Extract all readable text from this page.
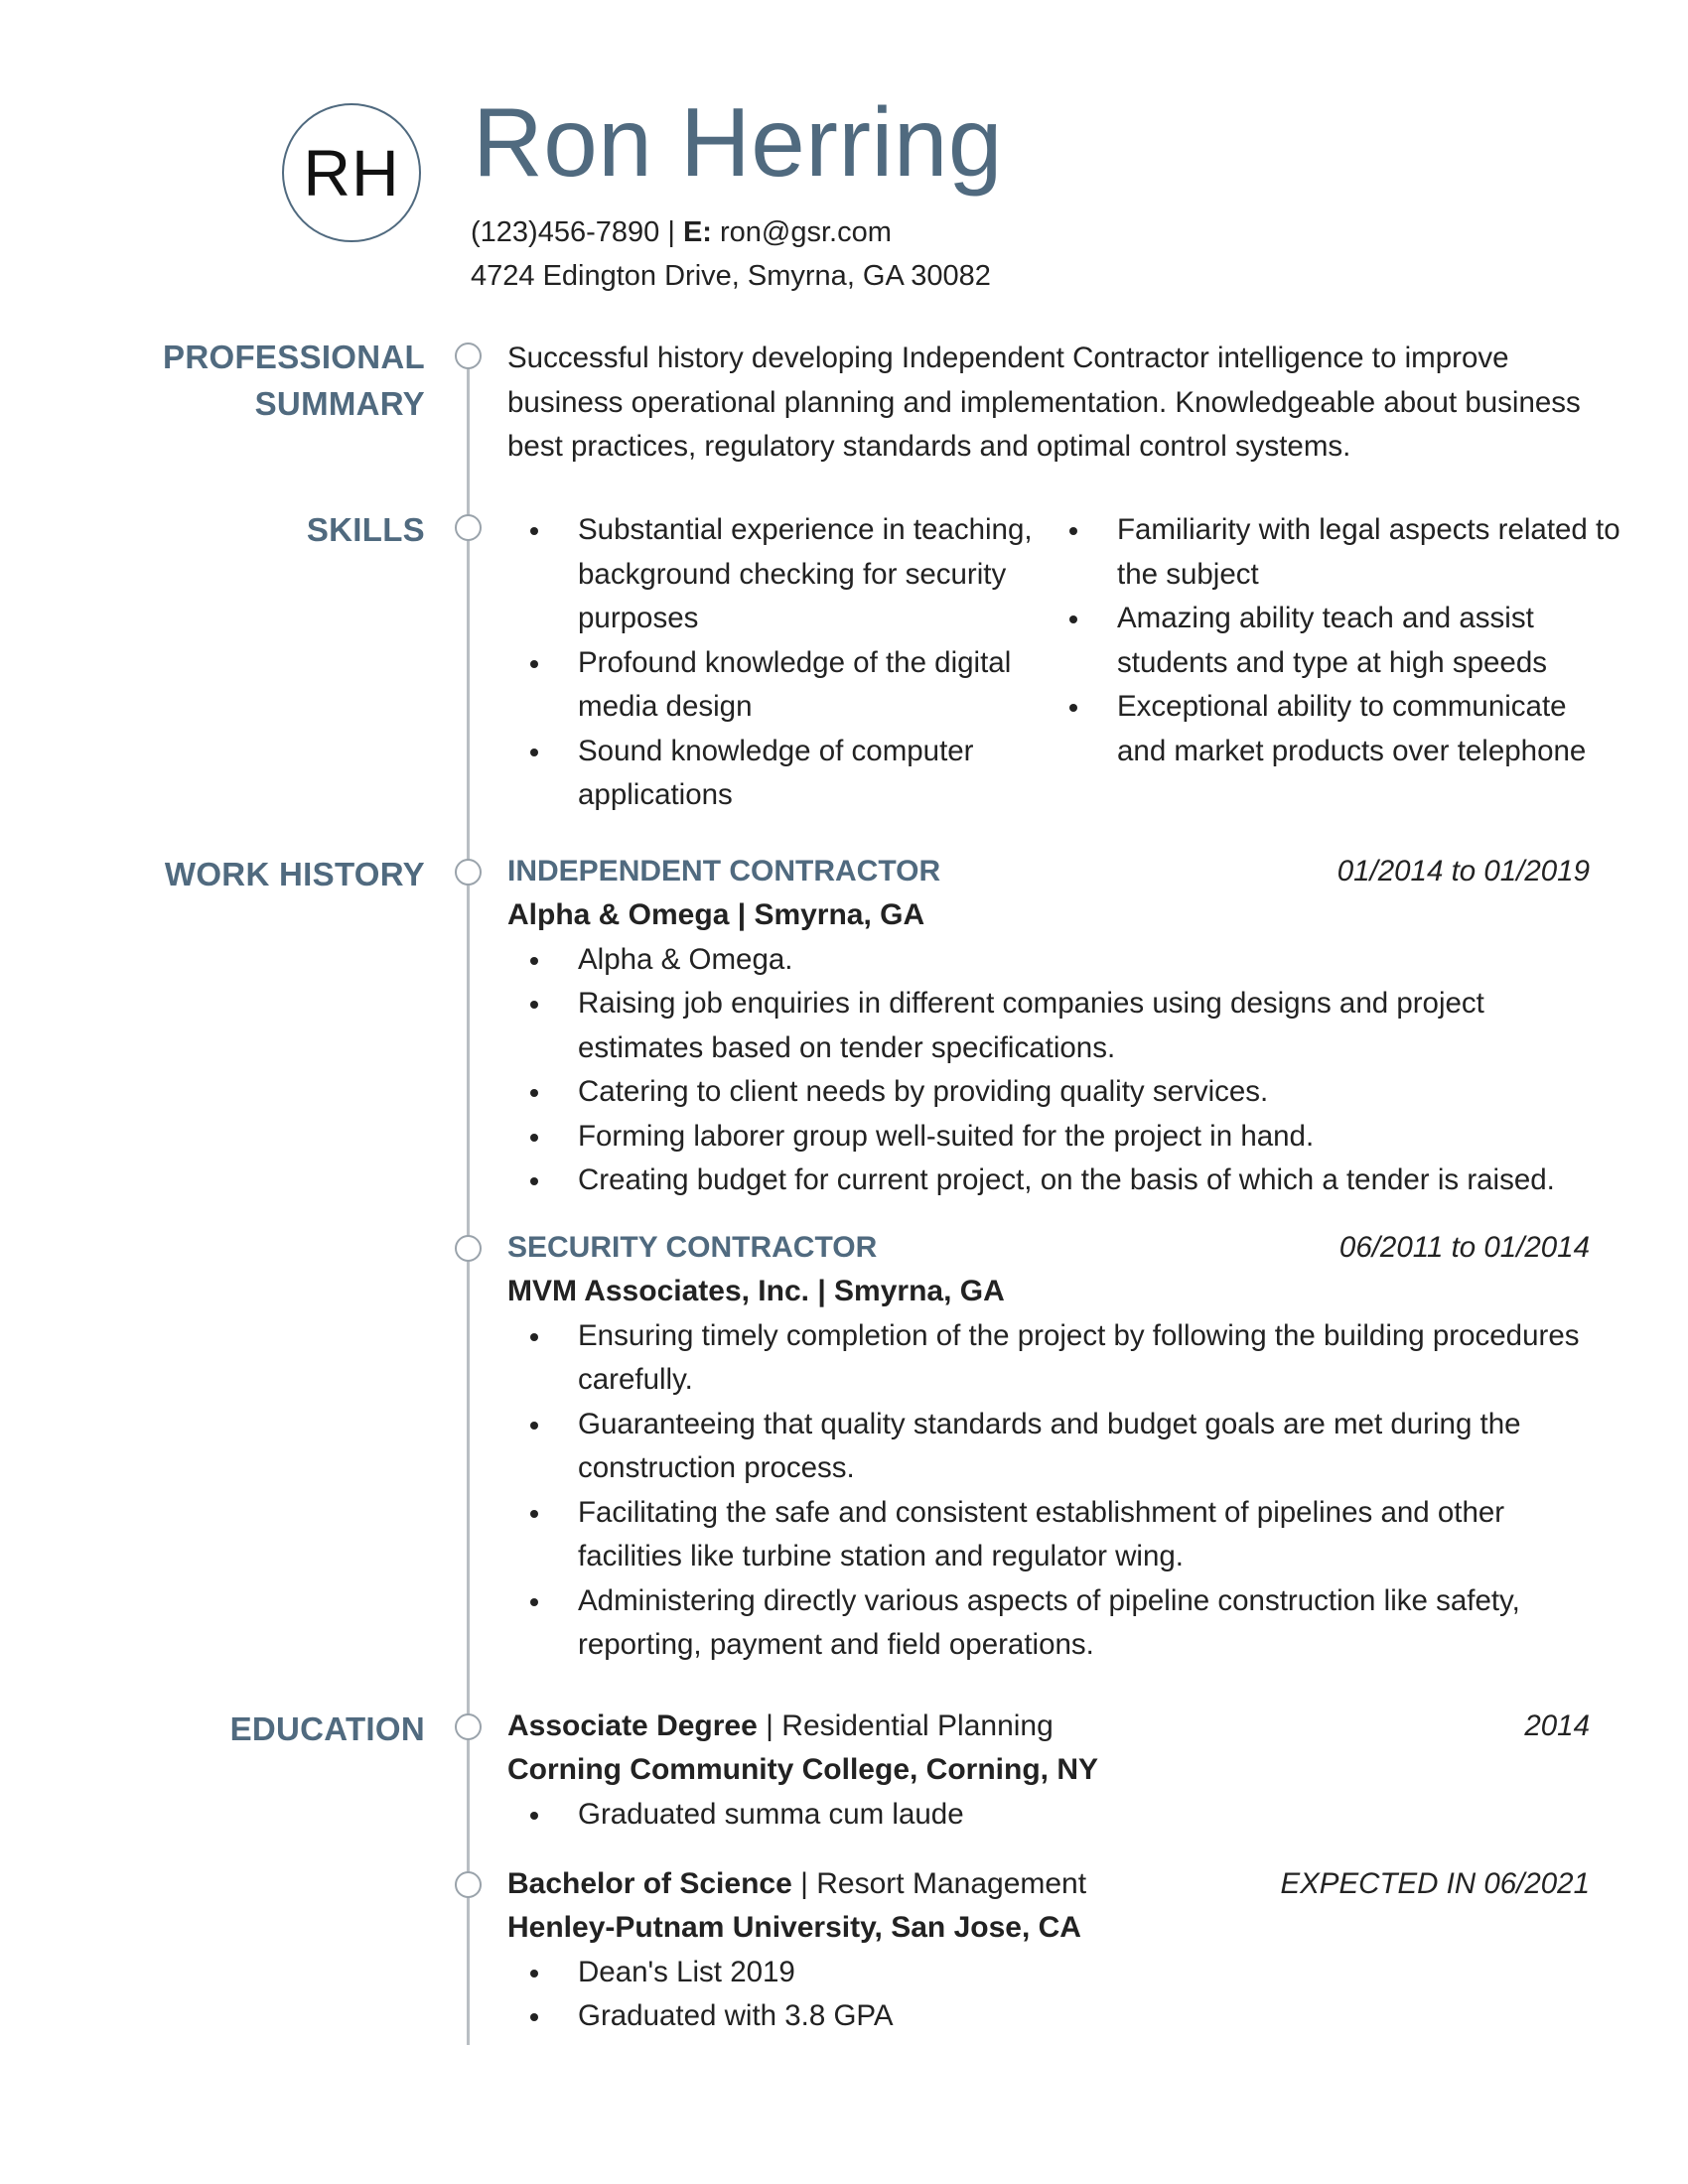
RH Ron Herring
(123)456-7890 | E: ron@gsr.com
4724 Edington Drive, Smyrna, GA 30082
PROFESSIONAL
SUMMARY
SKILLS
WORK HISTORY
EDUCATION
Successful history developing Independent Contractor intelligence to improve business operational planning and implementation. Knowledgeable about business best practices, regulatory standards and optimal control systems.
Substantial experience in teaching, background checking for security purposes
Profound knowledge of the digital media design
Sound knowledge of computer applications
Familiarity with legal aspects related to the subject
Amazing ability teach and assist students and type at high speeds
Exceptional ability to communicate and market products over telephone
INDEPENDENT CONTRACTOR	01/2014 to 01/2019
Alpha & Omega | Smyrna, GA
Alpha & Omega.
Raising job enquiries in different companies using designs and project estimates based on tender specifications.
Catering to client needs by providing quality services.
Forming laborer group well-suited for the project in hand.
Creating budget for current project, on the basis of which a tender is raised.
SECURITY CONTRACTOR	06/2011 to 01/2014
MVM Associates, Inc. | Smyrna, GA
Ensuring timely completion of the project by following the building procedures carefully.
Guaranteeing that quality standards and budget goals are met during the construction process.
Facilitating the safe and consistent establishment of pipelines and other facilities like turbine station and regulator wing.
Administering directly various aspects of pipeline construction like safety, reporting, payment and field operations.
Associate Degree | Residential Planning	2014
Corning Community College, Corning, NY
Graduated summa cum laude
Bachelor of Science | Resort Management	EXPECTED IN 06/2021
Henley-Putnam University, San Jose, CA
Dean's List 2019
Graduated with 3.8 GPA
